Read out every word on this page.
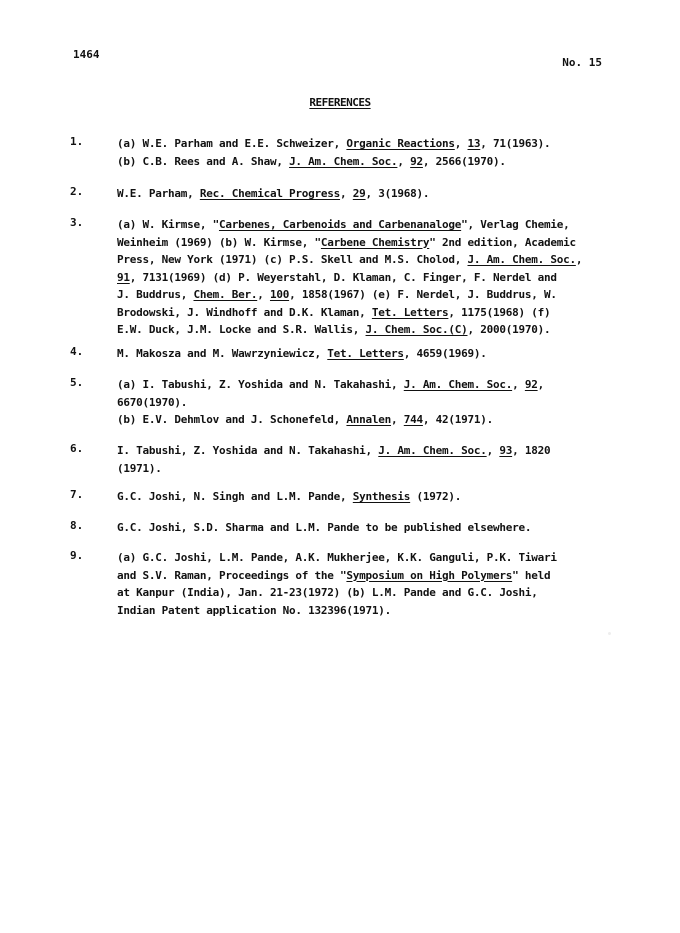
1464
No. 15
REFERENCES
1.	(a) W.E. Parham and E.E. Schweizer, Organic Reactions, 13, 71(1963).
(b) C.B. Rees and A. Shaw, J. Am. Chem. Soc., 92, 2566(1970).
2.	W.E. Parham, Rec. Chemical Progress, 29, 3(1968).
3.	(a) W. Kirmse, "Carbenes, Carbenoids and Carbenanaloge", Verlag Chemie,
Weinheim (1969) (b) W. Kirmse, "Carbene Chemistry" 2nd edition, Academic
Press, New York (1971) (c) P.S. Skell and M.S. Cholod, J. Am. Chem. Soc.,
91, 7131(1969) (d) P. Weyerstahl, D. Klaman, C. Finger, F. Nerdel and
J. Buddrus, Chem. Ber., 100, 1858(1967) (e) F. Nerdel, J. Buddrus, W.
Brodowski, J. Windhoff and D.K. Klaman, Tet. Letters, 1175(1968) (f)
E.W. Duck, J.M. Locke and S.R. Wallis, J. Chem. Soc.(C), 2000(1970).
4.	M. Makosza and M. Wawrzyniewicz, Tet. Letters, 4659(1969).
5.	(a) I. Tabushi, Z. Yoshida and N. Takahashi, J. Am. Chem. Soc., 92,
6670(1970).
(b) E.V. Dehmlov and J. Schonefeld, Annalen, 744, 42(1971).
6.	I. Tabushi, Z. Yoshida and N. Takahashi, J. Am. Chem. Soc., 93, 1820
(1971).
7.	G.C. Joshi, N. Singh and L.M. Pande, Synthesis (1972).
8.	G.C. Joshi, S.D. Sharma and L.M. Pande to be published elsewhere.
9.	(a) G.C. Joshi, L.M. Pande, A.K. Mukherjee, K.K. Ganguli, P.K. Tiwari
and S.V. Raman, Proceedings of the "Symposium on High Polymers" held
at Kanpur (India), Jan. 21-23(1972) (b) L.M. Pande and G.C. Joshi,
Indian Patent application No. 132396(1971).
